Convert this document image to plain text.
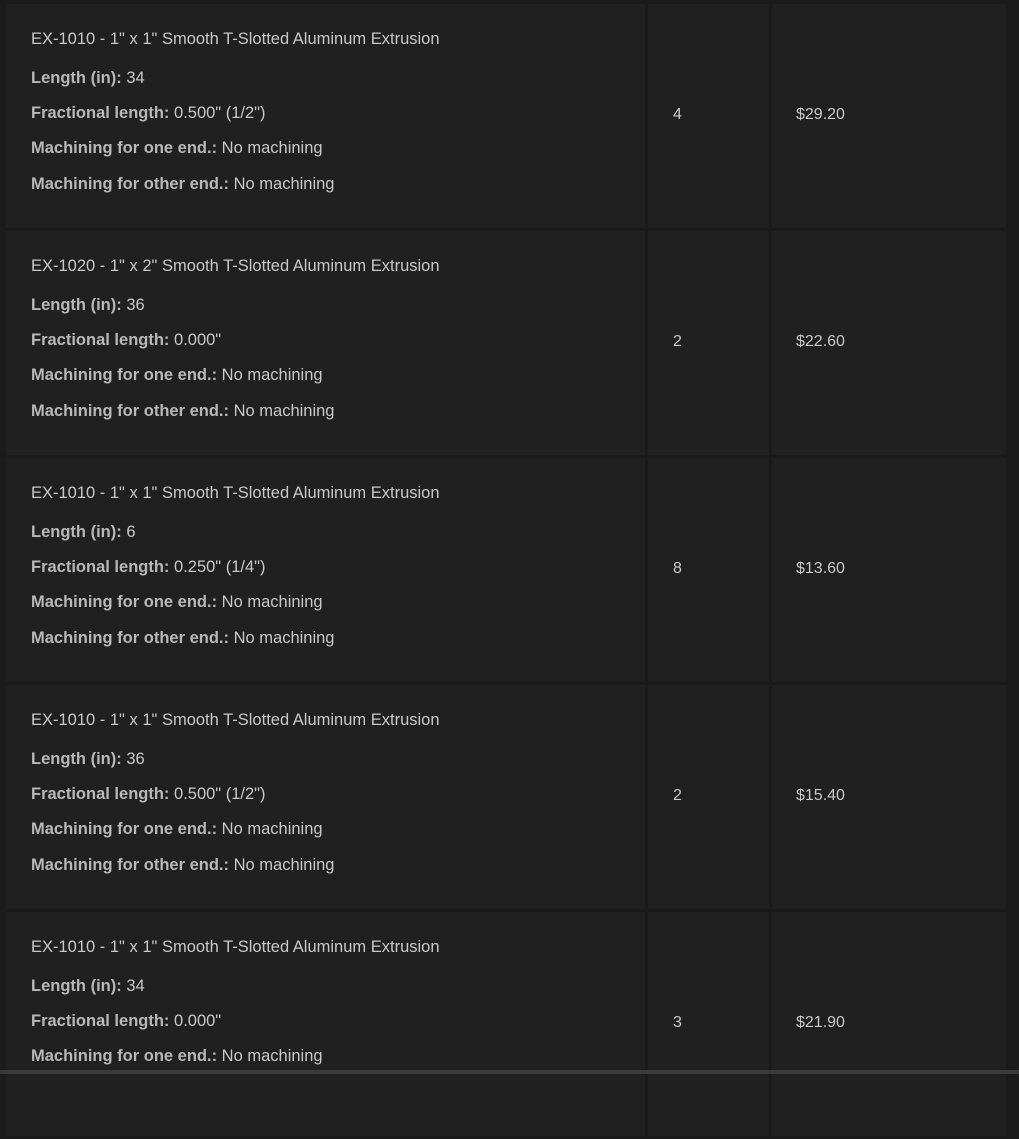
EX-1010 - 1" x 1" Smooth T-Slotted Aluminum Extrusion
Length (in): 34
Fractional length: 0.500" (1/2")
Machining for one end.: No machining
Machining for other end.: No machining
4	$29.20
EX-1020 - 1" x 2" Smooth T-Slotted Aluminum Extrusion
Length (in): 36
Fractional length: 0.000"
Machining for one end.: No machining
Machining for other end.: No machining
2	$22.60
EX-1010 - 1" x 1" Smooth T-Slotted Aluminum Extrusion
Length (in): 6
Fractional length: 0.250" (1/4")
Machining for one end.: No machining
Machining for other end.: No machining
8	$13.60
EX-1010 - 1" x 1" Smooth T-Slotted Aluminum Extrusion
Length (in): 36
Fractional length: 0.500" (1/2")
Machining for one end.: No machining
Machining for other end.: No machining
2	$15.40
EX-1010 - 1" x 1" Smooth T-Slotted Aluminum Extrusion
Length (in): 34
Fractional length: 0.000"
Machining for one end.: No machining
3	$21.90
